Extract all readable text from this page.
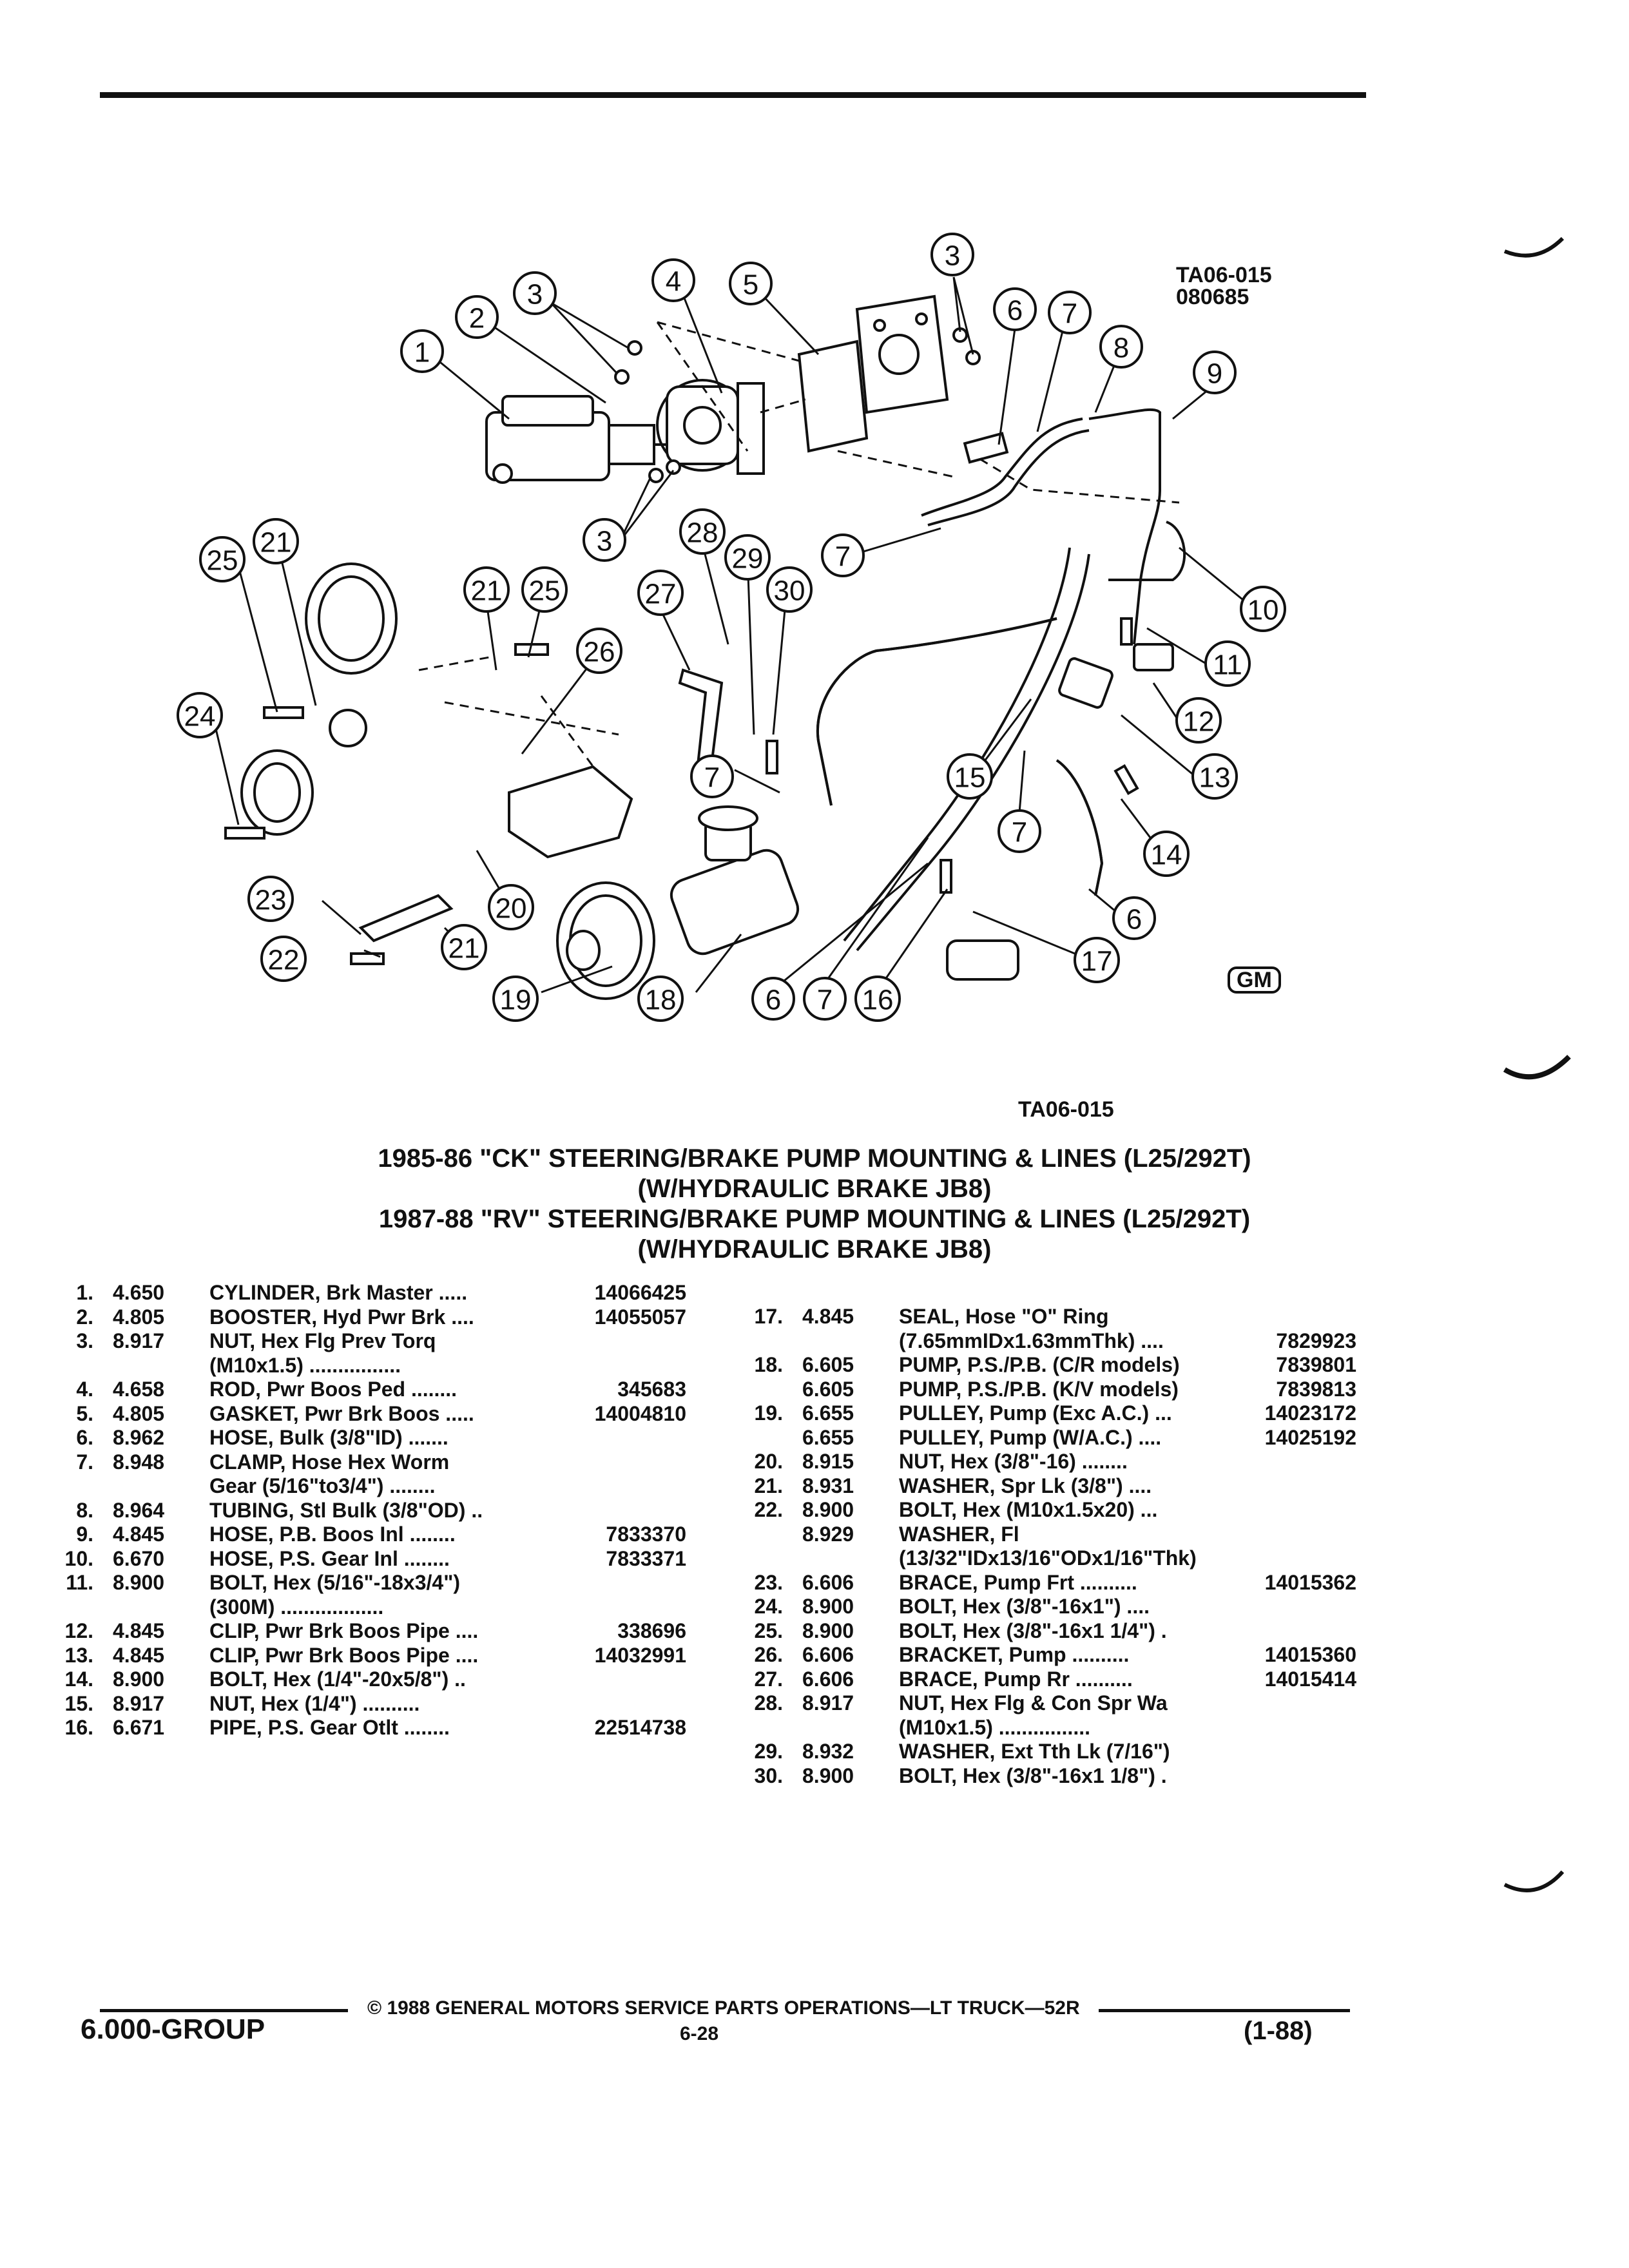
1
2
3
3
3
4 5
6 7
8
9
7
10
11
12
13
14
15
7
6
17
16
7
6
18
19
21
20
22
23
24
25
21
21 25
26
27
28
29
30
7
TA06-015
080685
GM
TA06-015
1985-86 "CK" STEERING/BRAKE PUMP MOUNTING & LINES (L25/292T)
(W/HYDRAULIC BRAKE JB8)
1987-88 "RV" STEERING/BRAKE PUMP MOUNTING & LINES (L25/292T)
(W/HYDRAULIC BRAKE JB8)
1. 4.650 CYLINDER, Brk Master .....	14066425
2. 4.805 BOOSTER, Hyd Pwr Brk ....	14055057
3. 8.917 NUT, Hex Flg Prev Torq
(M10x1.5) ................
4. 4.658 ROD, Pwr Boos Ped ........	345683
5. 4.805 GASKET, Pwr Brk Boos .....	14004810
6. 8.962 HOSE, Bulk (3/8"ID) .......
7. 8.948 CLAMP, Hose Hex Worm
Gear (5/16"to3/4") ........
8. 8.964 TUBING, Stl Bulk (3/8"OD) ..
9. 4.845 HOSE, P.B. Boos Inl ........	7833370
10. 6.670 HOSE, P.S. Gear Inl ........	7833371
11. 8.900 BOLT, Hex (5/16"-18x3/4")
(300M) ..................
12. 4.845 CLIP, Pwr Brk Boos Pipe ....	338696
13. 4.845 CLIP, Pwr Brk Boos Pipe ....	14032991
14. 8.900 BOLT, Hex (1/4"-20x5/8") ..
15. 8.917 NUT, Hex (1/4") ..........
16. 6.671 PIPE, P.S. Gear Otlt ........	22514738
17. 4.845 SEAL, Hose "O" Ring
(7.65mmIDx1.63mmThk) ....	7829923
18. 6.605 PUMP, P.S./P.B. (C/R models)	7839801
6.605 PUMP, P.S./P.B. (K/V models)	7839813
19. 6.655 PULLEY, Pump (Exc A.C.) ...	14023172
6.655 PULLEY, Pump (W/A.C.) ....	14025192
20. 8.915 NUT, Hex (3/8"-16) ........
21. 8.931 WASHER, Spr Lk (3/8") ....
22. 8.900 BOLT, Hex (M10x1.5x20) ...
8.929 WASHER, Fl
(13/32"IDx13/16"ODx1/16"Thk)
23. 6.606 BRACE, Pump Frt ..........	14015362
24. 8.900 BOLT, Hex (3/8"-16x1") ....
25. 8.900 BOLT, Hex (3/8"-16x1 1/4") .
26. 6.606 BRACKET, Pump ..........	14015360
27. 6.606 BRACE, Pump Rr ..........	14015414
28. 8.917 NUT, Hex Flg & Con Spr Wa
(M10x1.5) ................
29. 8.932 WASHER, Ext Tth Lk (7/16")
30. 8.900 BOLT, Hex (3/8"-16x1 1/8") .
© 1988 GENERAL MOTORS SERVICE PARTS OPERATIONS—LT TRUCK—52R
6.000-GROUP	6-28	(1-88)
